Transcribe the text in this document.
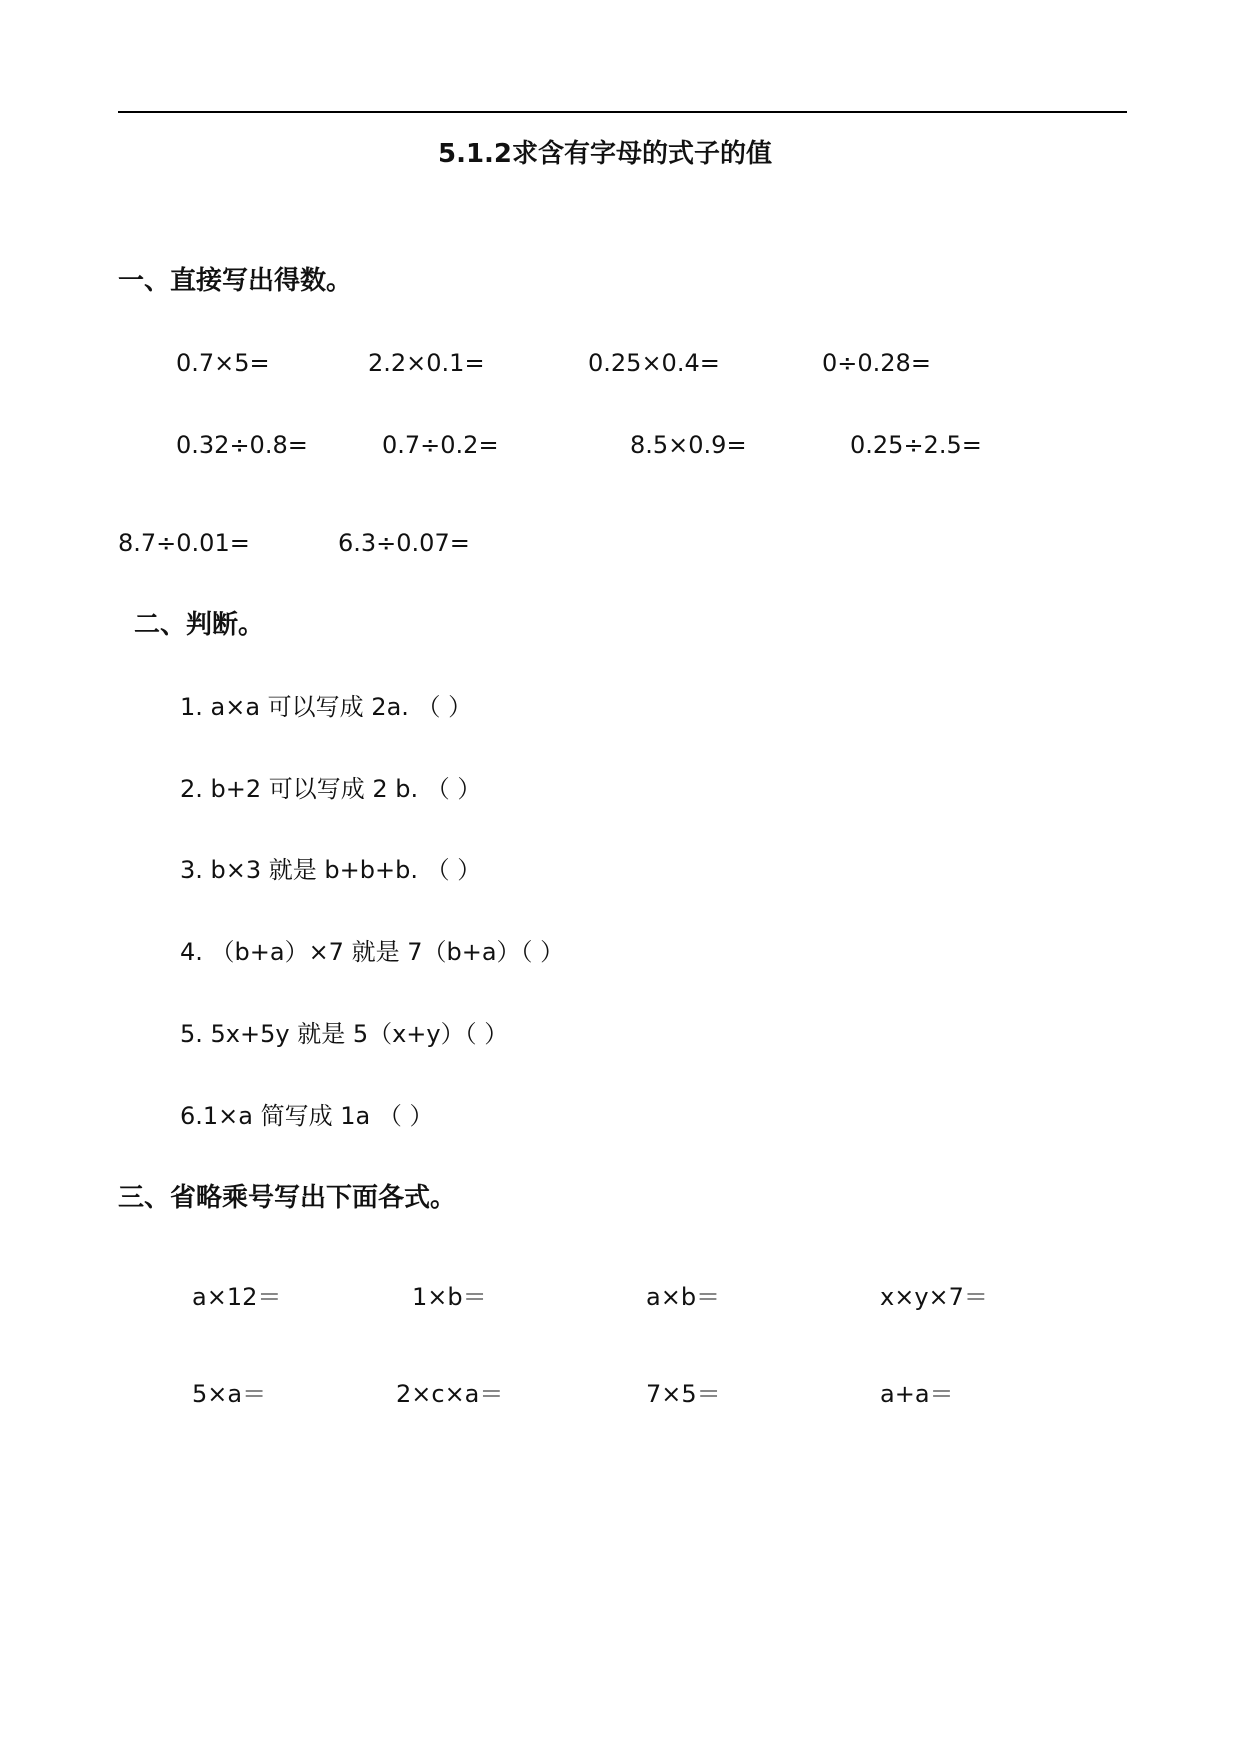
5.1.2求含有字母的式子的值
一、直接写出得数。
0.7×5=	2.2×0.1=	0.25×0.4=	0÷0.28=
0.32÷0.8=	0.7÷0.2=	8.5×0.9=	0.25÷2.5=
8.7÷0.01=	6.3÷0.07=
二、判断。
1. a×a 可以写成 2a. （ ）
2. b+2 可以写成 2 b. （ ）
3. b×3 就是 b+b+b. （ ）
4. （b+a）×7 就是 7（b+a）（ ）
5. 5x+5y 就是 5（x+y）（ ）
6.1×a 简写成 1a （ ）
三、省略乘号写出下面各式。
a×12＝	1×b＝	a×b＝	x×y×7＝
5×a＝	2×c×a＝	7×5＝	a+a＝
